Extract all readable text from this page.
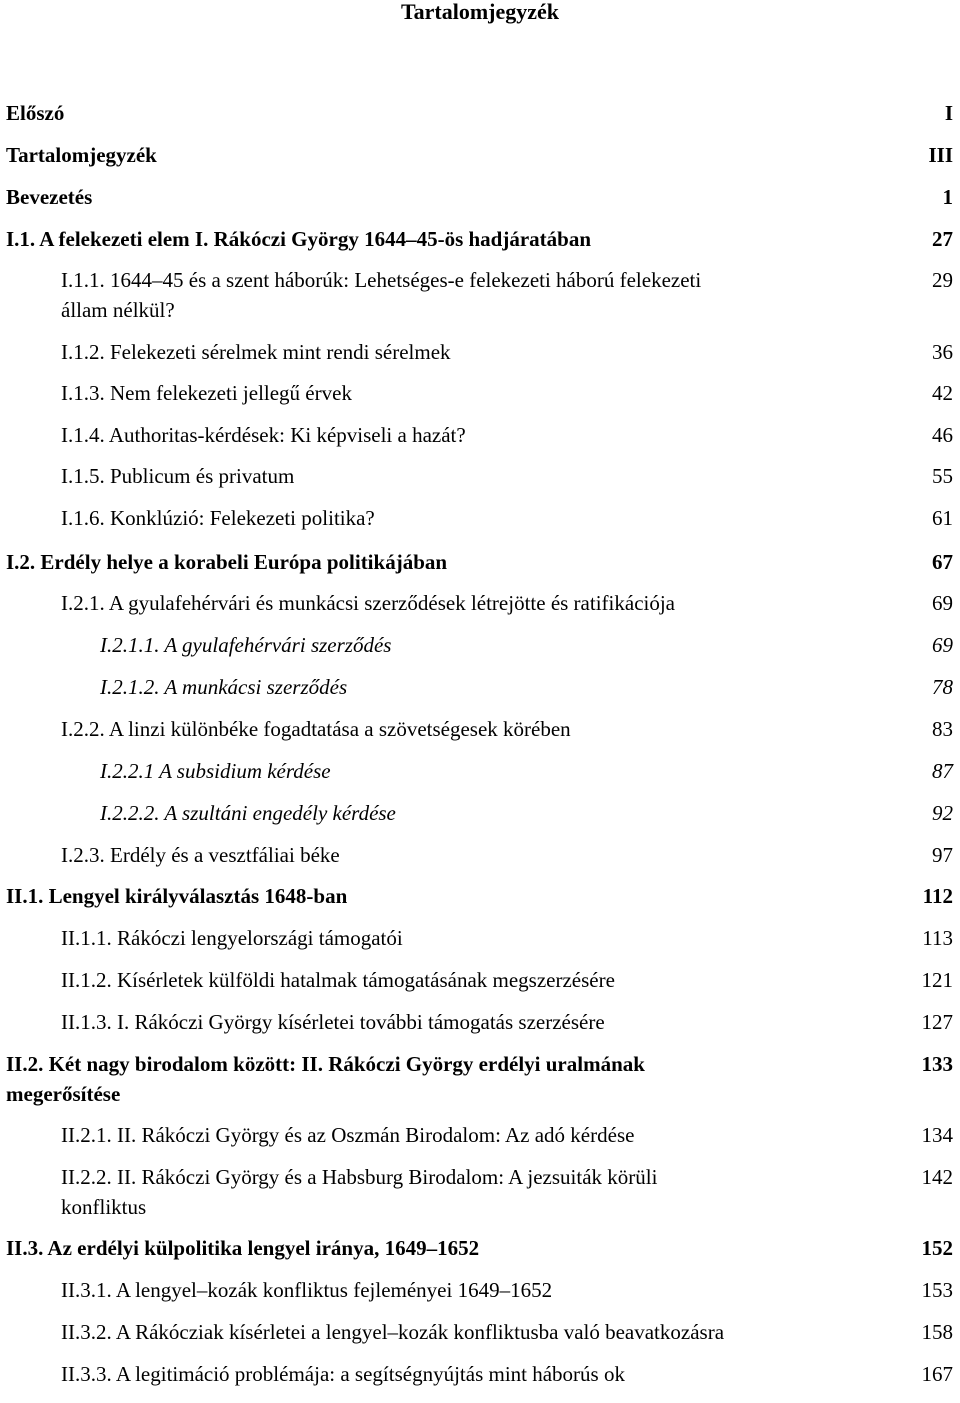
Tartalomjegyzék
Előszó	I
Tartalomjegyzék	III
Bevezetés	1
I.1. A felekezeti elem I. Rákóczi György 1644–45-ös hadjáratában	27
I.1.1. 1644–45 és a szent háborúk: Lehetséges-e felekezeti háború felekezeti	29
állam nélkül?
I.1.2. Felekezeti sérelmek mint rendi sérelmek	36
I.1.3. Nem felekezeti jellegű érvek	42
I.1.4. Authoritas-kérdések: Ki képviseli a hazát?	46
I.1.5. Publicum és privatum	55
I.1.6. Konklúzió: Felekezeti politika?	61
I.2. Erdély helye a korabeli Európa politikájában	67
I.2.1. A gyulafehérvári és munkácsi szerződések létrejötte és ratifikációja	69
I.2.1.1. A gyulafehérvári szerződés	69
I.2.1.2. A munkácsi szerződés	78
I.2.2. A linzi különbéke fogadtatása a szövetségesek körében	83
I.2.2.1 A subsidium kérdése	87
I.2.2.2. A szultáni engedély kérdése	92
I.2.3. Erdély és a vesztfáliai béke	97
II.1. Lengyel királyválasztás 1648-ban	112
II.1.1. Rákóczi lengyelországi támogatói	113
II.1.2. Kísérletek külföldi hatalmak támogatásának megszerzésére	121
II.1.3. I. Rákóczi György kísérletei további támogatás szerzésére	127
II.2. Két nagy birodalom között: II. Rákóczi György erdélyi uralmának	133
megerősítése
II.2.1. II. Rákóczi György és az Oszmán Birodalom: Az adó kérdése	134
II.2.2. II. Rákóczi György és a Habsburg Birodalom: A jezsuiták körüli	142
konfliktus
II.3. Az erdélyi külpolitika lengyel iránya, 1649–1652	152
II.3.1. A lengyel–kozák konfliktus fejleményei 1649–1652	153
II.3.2. A Rákócziak kísérletei a lengyel–kozák konfliktusba való beavatkozásra	158
II.3.3. A legitimáció problémája: a segítségnyújtás mint háborús ok	167
